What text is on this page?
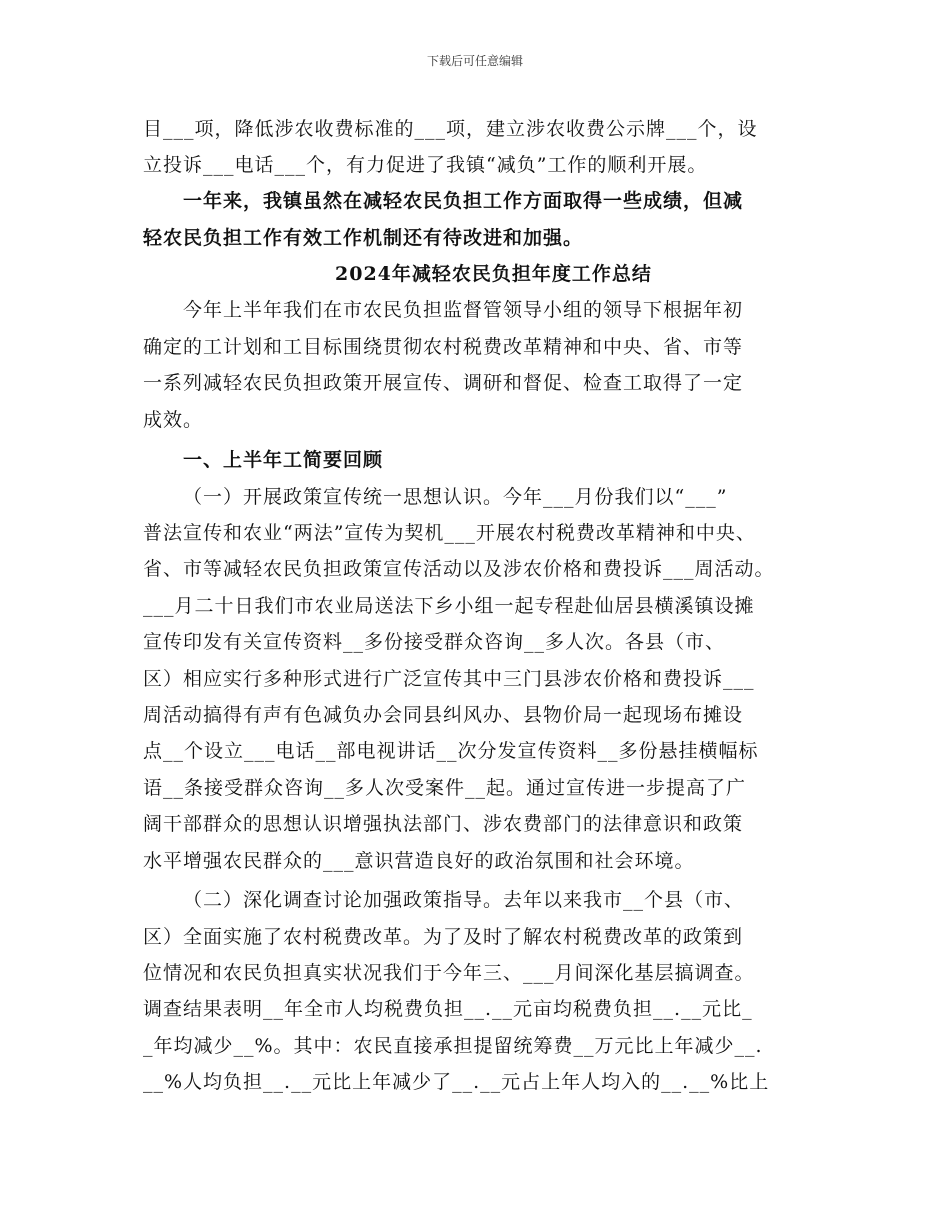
下载后可任意编辑
目___项，降低涉农收费标准的___项，建立涉农收费公示牌___个，设
立投诉___电话___个，有力促进了我镇“减负”工作的顺利开展。
一年来，我镇虽然在减轻农民负担工作方面取得一些成绩，但减
轻农民负担工作有效工作机制还有待改进和加强。
2024年减轻农民负担年度工作总结
今年上半年我们在市农民负担监督管领导小组的领导下根据年初
确定的工计划和工目标围绕贯彻农村税费改革精神和中央、省、市等
一系列减轻农民负担政策开展宣传、调研和督促、检查工取得了一定
成效。
一、上半年工简要回顾
（一）开展政策宣传统一思想认识。今年___月份我们以“___”
普法宣传和农业“两法”宣传为契机___开展农村税费改革精神和中央、
省、市等减轻农民负担政策宣传活动以及涉农价格和费投诉___周活动。
___月二十日我们市农业局送法下乡小组一起专程赴仙居县横溪镇设摊
宣传印发有关宣传资料__多份接受群众咨询__多人次。各县（市、
区）相应实行多种形式进行广泛宣传其中三门县涉农价格和费投诉___
周活动搞得有声有色减负办会同县纠风办、县物价局一起现场布摊设
点__个设立___电话__部电视讲话__次分发宣传资料__多份悬挂横幅标
语__条接受群众咨询__多人次受案件__起。通过宣传进一步提高了广
阔干部群众的思想认识增强执法部门、涉农费部门的法律意识和政策
水平增强农民群众的___意识营造良好的政治氛围和社会环境。
（二）深化调查讨论加强政策指导。去年以来我市__个县（市、
区）全面实施了农村税费改革。为了及时了解农村税费改革的政策到
位情况和农民负担真实状况我们于今年三、___月间深化基层搞调查。
调查结果表明__年全市人均税费负担__.__元亩均税费负担__.__元比_
_年均减少__%。其中：农民直接承担提留统筹费__万元比上年减少__.
__%人均负担__.__元比上年减少了__.__元占上年人均入的__.__%比上
